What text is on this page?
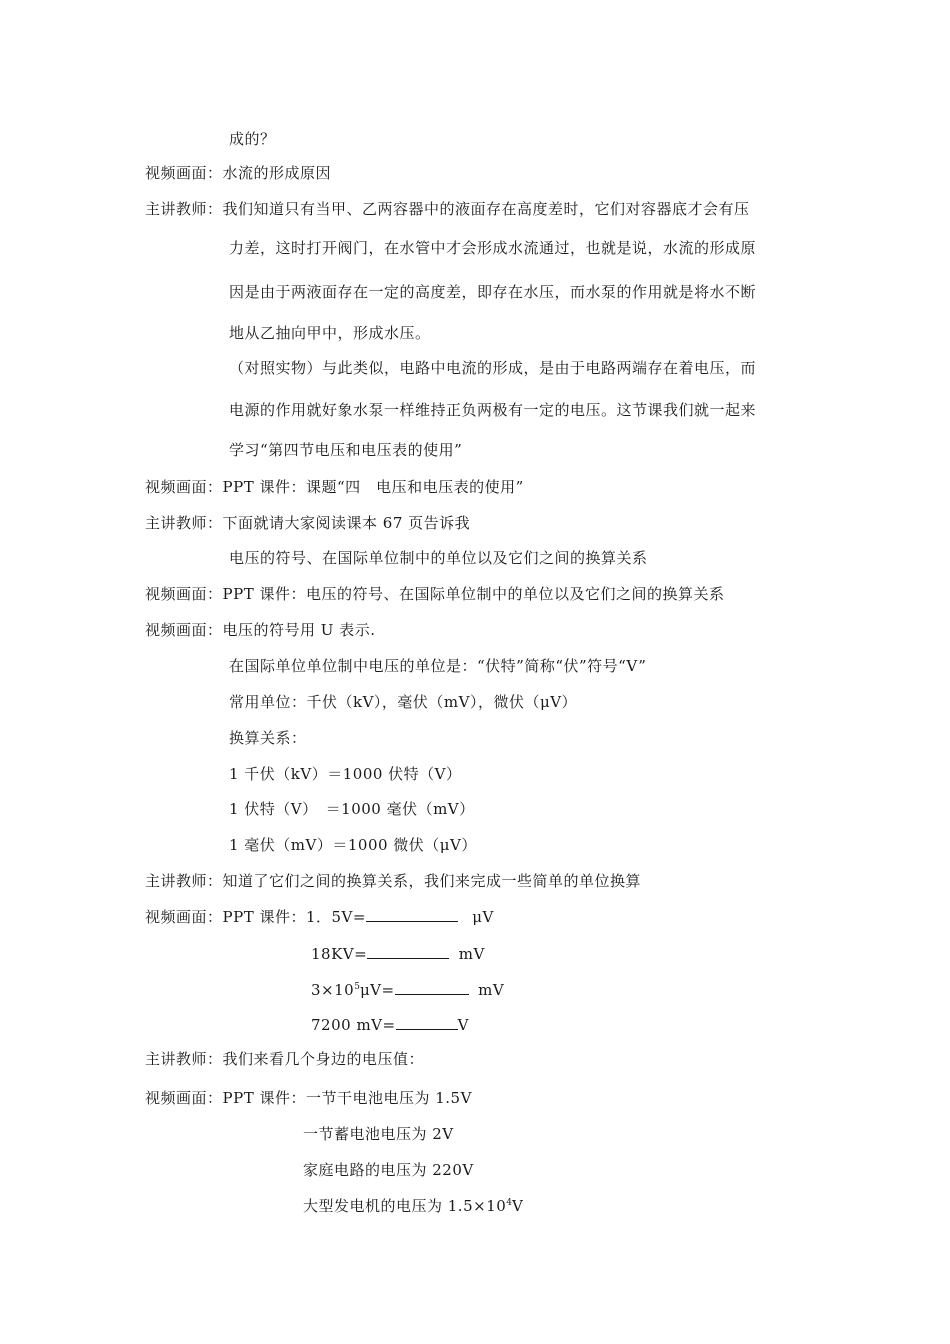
成的？
视频画面：水流的形成原因
主讲教师：我们知道只有当甲、乙两容器中的液面存在高度差时，它们对容器底才会有压
力差，这时打开阀门，在水管中才会形成水流通过，也就是说，水流的形成原
因是由于两液面存在一定的高度差，即存在水压，而水泵的作用就是将水不断
地从乙抽向甲中，形成水压。
（对照实物）与此类似，电路中电流的形成，是由于电路两端存在着电压，而
电源的作用就好象水泵一样维持正负两极有一定的电压。这节课我们就一起来
学习“第四节电压和电压表的使用”
视频画面：PPT 课件：课题“四　电压和电压表的使用”
主讲教师：下面就请大家阅读课本 67 页告诉我
电压的符号、在国际单位制中的单位以及它们之间的换算关系
视频画面：PPT 课件：电压的符号、在国际单位制中的单位以及它们之间的换算关系
视频画面：电压的符号用 U 表示.
在国际单位单位制中电压的单位是：“伏特”简称“伏”符号“V”
常用单位：千伏（kV），毫伏（mV），微伏（μV）
换算关系：
1 千伏（kV）＝1000 伏特（V）
1 伏特（V）　＝1000 毫伏（mV）
1 毫伏（mV）＝1000 微伏（μV）
主讲教师：知道了它们之间的换算关系，我们来完成一些简单的单位换算
视频画面：PPT 课件：1．5V=	μV
18KV=	mV
$3\times 10^5\mu V=$	mV
7200 mV=	V
主讲教师：我们来看几个身边的电压值：
视频画面：PPT 课件：一节干电池电压为 1.5V
一节蓄电池电压为 2V
家庭电路的电压为 220V
大型发电机的电压为 $1.5\times 10^4V$
